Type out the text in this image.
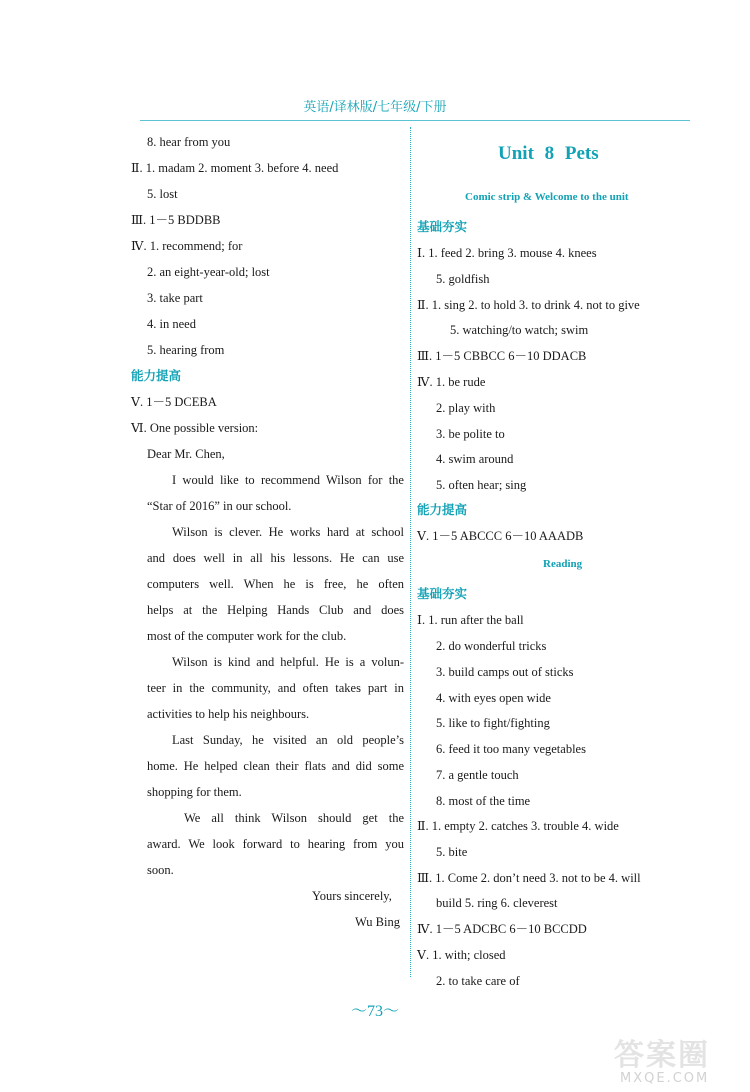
英语/译林版/七年级/下册
8. hear from you
Ⅱ. 1. madam 2. moment 3. before 4. need
5. lost
Ⅲ. 1－5 BDDBB
Ⅳ. 1. recommend; for
2. an eight-year-old; lost
3. take part
4. in need
5. hearing from
能力提高
Ⅴ. 1－5 DCEBA
Ⅵ. One possible version:
Dear Mr. Chen,
I would like to recommend Wilson for the
“Star of 2016” in our school.
Wilson is clever. He works hard at school
and does well in all his lessons. He can use
computers well. When he is free, he often
helps at the Helping Hands Club and does
most of the computer work for the club.
Wilson is kind and helpful. He is a volun-
teer in the community, and often takes part in
activities to help his neighbours.
Last Sunday, he visited an old people’s
home. He helped clean their flats and did some
shopping for them.
We all think Wilson should get the
award. We look forward to hearing from you
soon.
Yours sincerely,
Wu Bing
Unit 8 Pets
Comic strip & Welcome to the unit
基础夯实
Ⅰ. 1. feed 2. bring 3. mouse 4. knees
5. goldfish
Ⅱ. 1. sing 2. to hold 3. to drink 4. not to give
5. watching/to watch; swim
Ⅲ. 1－5 CBBCC 6－10 DDACB
Ⅳ. 1. be rude
2. play with
3. be polite to
4. swim around
5. often hear; sing
能力提高
Ⅴ. 1－5 ABCCC 6－10 AAADB
Reading
基础夯实
Ⅰ. 1. run after the ball
2. do wonderful tricks
3. build camps out of sticks
4. with eyes open wide
5. like to fight/fighting
6. feed it too many vegetables
7. a gentle touch
8. most of the time
Ⅱ. 1. empty 2. catches 3. trouble 4. wide
5. bite
Ⅲ. 1. Come 2. don’t need 3. not to be 4. will
build 5. ring 6. cleverest
Ⅳ. 1－5 ADCBC 6－10 BCCDD
Ⅴ. 1. with; closed
2. to take care of
～73～
答案圈
MXQE.COM
